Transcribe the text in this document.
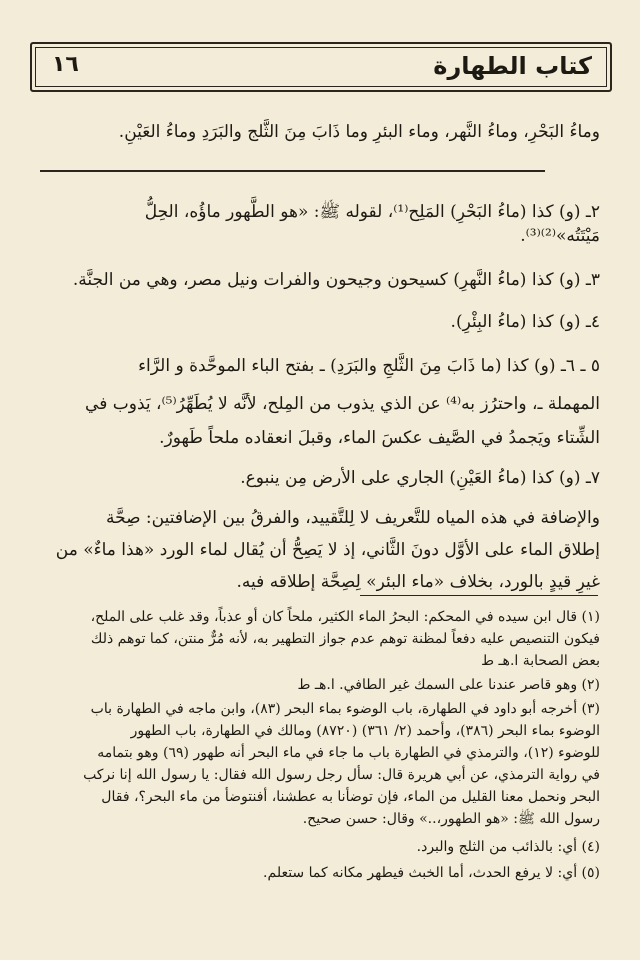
كتاب الطهارة
١٦
وماءُ البَحْرِ، وماءُ النَّهر، وماء البئرِ وما ذَابَ مِنَ الثَّلج والبَرَدِ وماءُ العَيْنِ.
٢ـ (و) كذا (ماءُ البَحْرِ) المَلِح⁽¹⁾، لقوله ﷺ: «هو الطَّهور ماؤُه، الحِلُّ
مَيْتَتُه»⁽²⁾⁽³⁾.
٣ـ (و) كذا (ماءُ النَّهرِ) كسيحون وجيحون والفرات ونيل مصر، وهي من الجنَّة.
٤ـ (و) كذا (ماءُ البِئْرِ).
٥ ـ ٦ـ (و) كذا (ما ذَابَ مِنَ الثَّلجِ والبَرَدِ) ـ بفتح الباء الموحَّدة و الرَّاء
المهملة ـ، واحترُز به⁽⁴⁾ عن الذي يذوب من المِلح، لأنَّه لا يُطَهِّرُ⁽⁵⁾، يَذوب في
الشِّتاء ويَجمدُ في الصَّيف عكسَ الماء، وقبلَ انعقاده ملحاً طَهورٌ.
٧ـ (و) كذا (ماءُ العَيْنِ) الجاري على الأرض مِن ينبوع.
والإضافة في هذه المياه للتَّعريف لا لِلتَّقييد، والفرقُ بين الإضافتين: صِحَّة
إطلاق الماء على الأوَّل دونَ الثَّاني، إذ لا يَصِحُّ أن يُقال لماء الورد «هذا ماءٌ» من
غيرِ قيدٍ بالورد، بخلاف «ماء البئر» لِصِحَّة إطلاقه فيه.
(١) قال ابن سيده في المحكم: البحرُ الماء الكثير، ملحاً كان أو عذباً، وقد غلب على الملح،
فيكون التنصيص عليه دفعاً لمظنة توهم عدم جواز التطهير به، لأنه مُرٌّ منتن، كما توهم ذلك
بعض الصحابة ا.هـ ط
(٢) وهو قاصر عندنا على السمك غير الطافي. ا.هـ ط
(٣) أخرجه أبو داود في الطهارة، باب الوضوء بماء البحر (٨٣)، وابن ماجه في الطهارة باب
الوضوء بماء البحر (٣٨٦)، وأحمد (٢/ ٣٦١) (٨٧٢٠) ومالك في الطهارة، باب الطهور
للوضوء (١٢)، والترمذي في الطهارة باب ما جاء في ماء البحر أنه طهور (٦٩) وهو بتمامه
في رواية الترمذي، عن أبي هريرة قال: سأل رجل رسول الله فقال: يا رسول الله إنا نركب
البحر ونحمل معنا القليل من الماء، فإن توضأنا به عطشنا، أفنتوضأ من ماء البحر؟، فقال
رسول الله ﷺ: «هو الطهور،..» وقال: حسن صحيح.
(٤) أي: بالذائب من الثلج والبرد.
(٥) أي: لا يرفع الحدث، أما الخبث فيطهر مكانه كما ستعلم.
